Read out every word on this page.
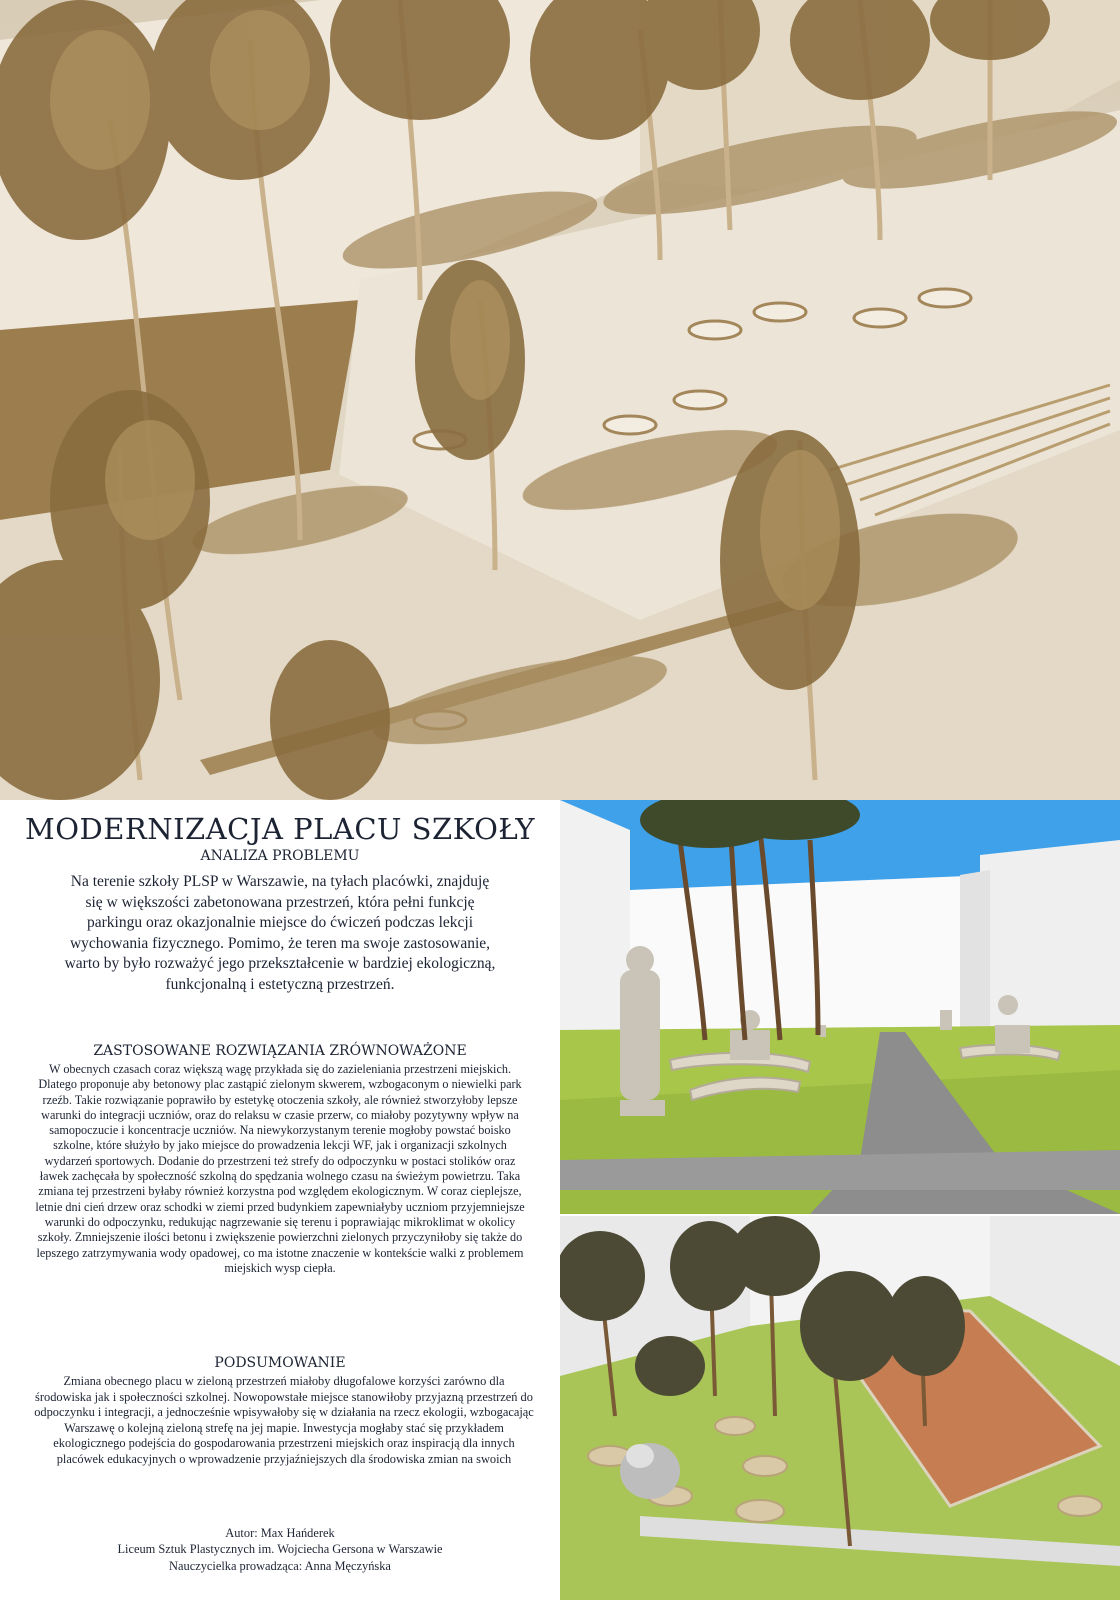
MODERNIZACJA PLACU SZKOŁY
ANALIZA PROBLEMU

Na terenie szkoły PLSP w Warszawie, na tyłach placówki, znajduję się w większości zabetonowana przestrzeń, która pełni funkcję parkingu oraz okazjonalnie miejsce do ćwiczeń podczas lekcji wychowania fizycznego. Pomimo, że teren ma swoje zastosowanie, warto by było rozważyć jego przekształcenie w bardziej ekologiczną, funkcjonalną i estetyczną przestrzeń.

ZASTOSOWANE ROZWIĄZANIA ZRÓWNOWAŻONE

W obecnych czasach coraz większą wagę przykłada się do zazieleniania przestrzeni miejskich. Dlatego proponuje aby betonowy plac zastąpić zielonym skwerem, wzbogaconym o niewielki park rzeźb. Takie rozwiązanie poprawiło by estetykę otoczenia szkoły, ale również stworzyłoby lepsze warunki do integracji uczniów, oraz do relaksu w czasie przerw, co miałoby pozytywny wpływ na samopoczucie i koncentracje uczniów. Na niewykorzystanym terenie mogłoby powstać boisko szkolne, które służyło by jako miejsce do prowadzenia lekcji WF, jak i organizacji szkolnych wydarzeń sportowych. Dodanie do przestrzeni też strefy do odpoczynku w postaci stolików oraz ławek zachęcała by społeczność szkolną do spędzania wolnego czasu na świeżym powietrzu. Taka zmiana tej przestrzeni byłaby również korzystna pod względem ekologicznym. W coraz cieplejsze, letnie dni cień drzew oraz schodki w ziemi przed budynkiem zapewniałyby uczniom przyjemniejsze warunki do odpoczynku, redukując nagrzewanie się terenu i poprawiając mikroklimat w okolicy szkoły. Zmniejszenie ilości betonu i zwiększenie powierzchni zielonych przyczyniłoby się także do lepszego zatrzymywania wody opadowej, co ma istotne znaczenie w kontekście walki z problemem miejskich wysp ciepła.

PODSUMOWANIE

Zmiana obecnego placu w zieloną przestrzeń miałoby długofalowe korzyści zarówno dla środowiska jak i społeczności szkolnej. Nowopowstałe miejsce stanowiłoby przyjazną przestrzeń do odpoczynku i integracji, a jednocześnie wpisywałoby się w działania na rzecz ekologii, wzbogacając Warszawę o kolejną zieloną strefę na jej mapie. Inwestycja mogłaby stać się przykładem ekologicznego podejścia do gospodarowania przestrzeni miejskich oraz inspiracją dla innych placówek edukacyjnych o wprowadzenie przyjaźniejszych dla środowiska zmian na swoich

Autor: Max Hańderek
Liceum Sztuk Plastycznych im. Wojciecha Gersona w Warszawie
Nauczycielka prowadząca: Anna Męczyńska
